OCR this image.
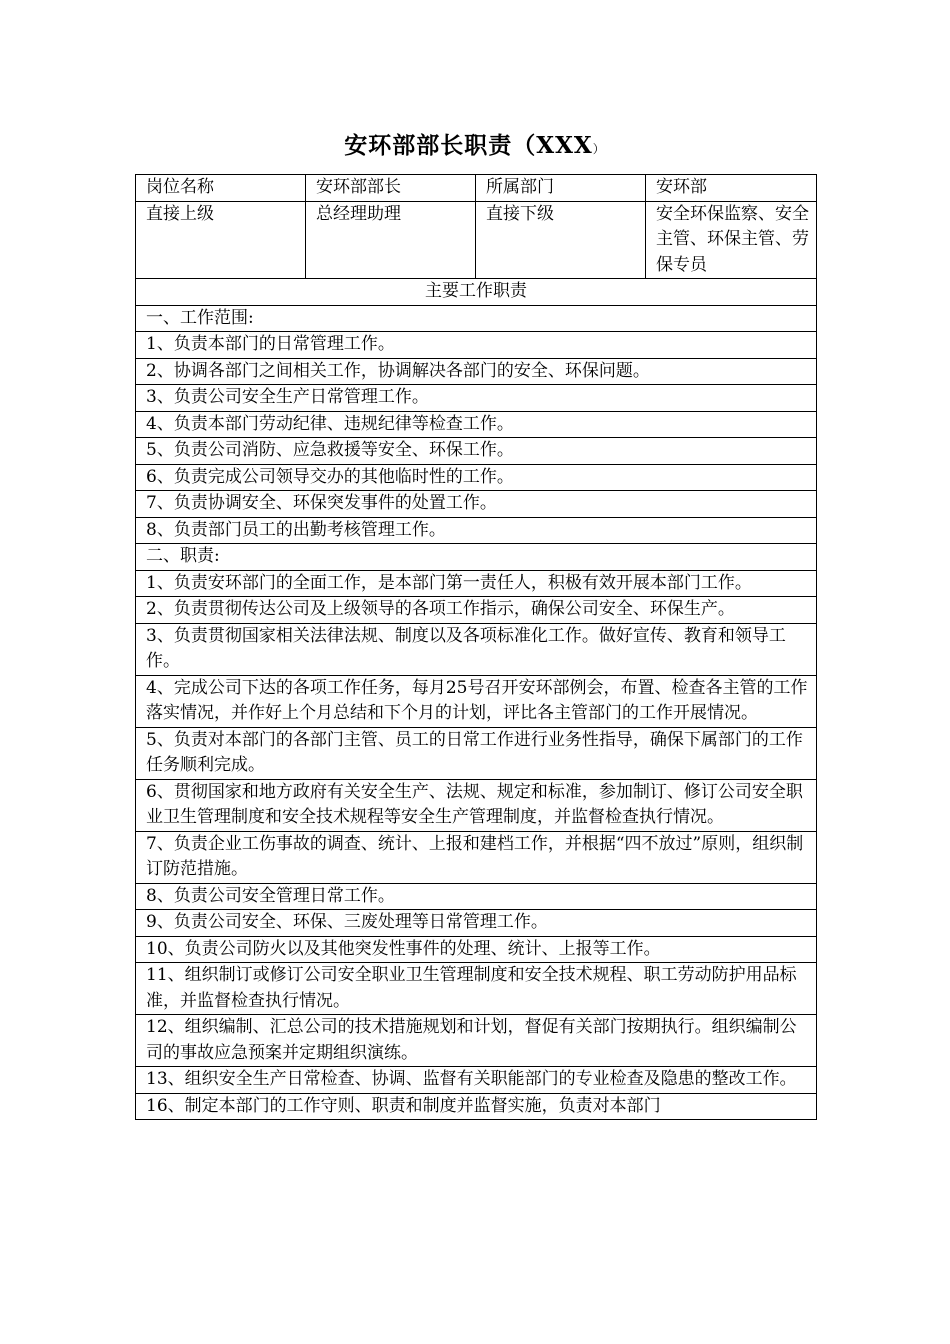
安环部部长职责（XXX）
岗位名称	安环部部长	所属部门	安环部
直接上级	总经理助理	直接下级	安全环保监察、安全主管、环保主管、劳保专员
主要工作职责			
一、工作范围:			
1、负责本部门的日常管理工作。			
2、协调各部门之间相关工作，协调解决各部门的安全、环保问题。			
3、负责公司安全生产日常管理工作。			
4、负责本部门劳动纪律、违规纪律等检查工作。			
5、负责公司消防、应急救援等安全、环保工作。			
6、负责完成公司领导交办的其他临时性的工作。			
7、负责协调安全、环保突发事件的处置工作。			
8、负责部门员工的出勤考核管理工作。			
二、职责:			
1、负责安环部门的全面工作，是本部门第一责任人，积极有效开展本部门工作。			
2、负责贯彻传达公司及上级领导的各项工作指示，确保公司安全、环保生产。			
3、负责贯彻国家相关法律法规、制度以及各项标准化工作。做好宣传、教育和领导工作。			
4、完成公司下达的各项工作任务，每月25号召开安环部例会，布置、检查各主管的工作落实情况，并作好上个月总结和下个月的计划，评比各主管部门的工作开展情况。			
5、负责对本部门的各部门主管、员工的日常工作进行业务性指导，确保下属部门的工作任务顺利完成。			
6、贯彻国家和地方政府有关安全生产、法规、规定和标准，参加制订、修订公司安全职业卫生管理制度和安全技术规程等安全生产管理制度，并监督检查执行情况。			
7、负责企业工伤事故的调查、统计、上报和建档工作，并根据“四不放过”原则，组织制订防范措施。			
8、负责公司安全管理日常工作。			
9、负责公司安全、环保、三废处理等日常管理工作。			
10、负责公司防火以及其他突发性事件的处理、统计、上报等工作。			
11、组织制订或修订公司安全职业卫生管理制度和安全技术规程、职工劳动防护用品标准，并监督检查执行情况。			
12、组织编制、汇总公司的技术措施规划和计划，督促有关部门按期执行。组织编制公司的事故应急预案并定期组织演练。			
13、组织安全生产日常检查、协调、监督有关职能部门的专业检查及隐患的整改工作。			
16、制定本部门的工作守则、职责和制度并监督实施，负责对本部门			
